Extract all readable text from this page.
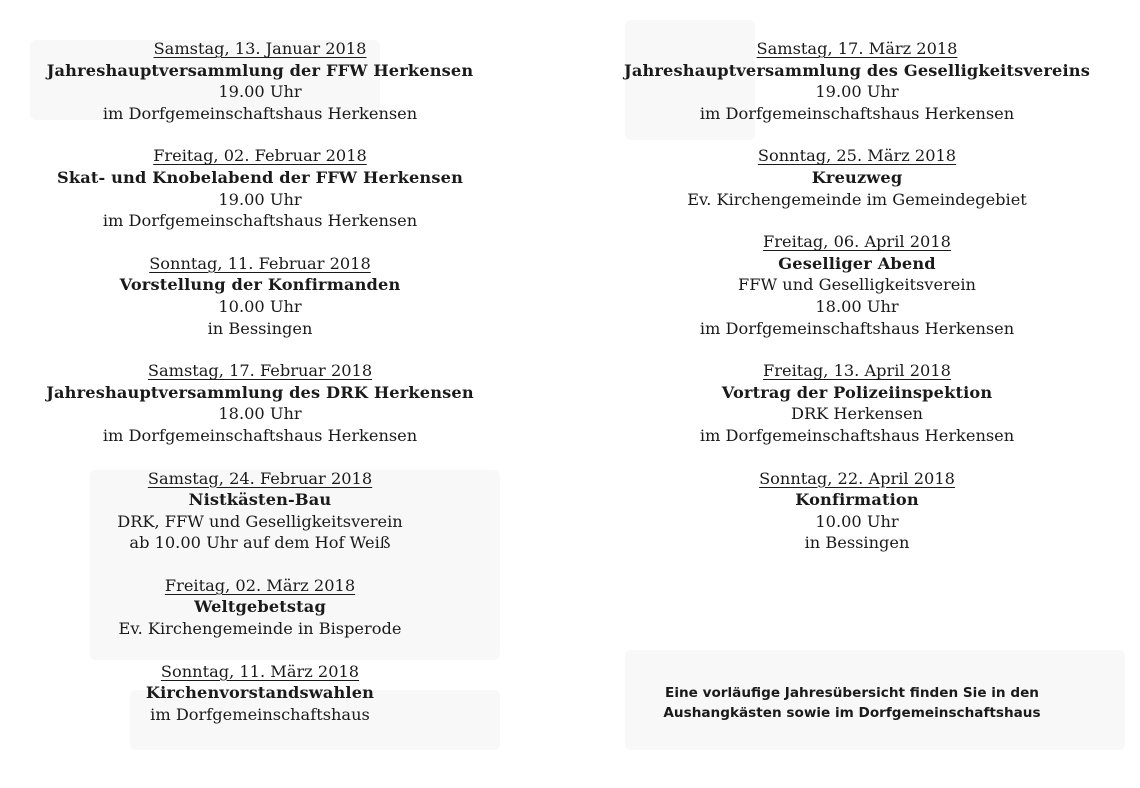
Samstag, 13. Januar 2018
Jahreshauptversammlung der FFW Herkensen
19.00 Uhr
im Dorfgemeinschaftshaus Herkensen
Freitag, 02. Februar 2018
Skat- und Knobelabend der FFW Herkensen
19.00 Uhr
im Dorfgemeinschaftshaus Herkensen
Sonntag, 11. Februar 2018
Vorstellung der Konfirmanden
10.00 Uhr
in Bessingen
Samstag, 17. Februar 2018
Jahreshauptversammlung des DRK Herkensen
18.00 Uhr
im Dorfgemeinschaftshaus Herkensen
Samstag, 24. Februar 2018
Nistkästen-Bau
DRK, FFW und Geselligkeitsverein
ab 10.00 Uhr auf dem Hof Weiß
Freitag, 02. März 2018
Weltgebetstag
Ev. Kirchengemeinde in Bisperode
Sonntag, 11. März 2018
Kirchenvorstandswahlen
im Dorfgemeinschaftshaus
Samstag, 17. März 2018
Jahreshauptversammlung des Geselligkeitsvereins
19.00 Uhr
im Dorfgemeinschaftshaus Herkensen
Sonntag, 25. März 2018
Kreuzweg
Ev. Kirchengemeinde im Gemeindegebiet
Freitag, 06. April 2018
Geselliger Abend
FFW und Geselligkeitsverein
18.00 Uhr
im Dorfgemeinschaftshaus Herkensen
Freitag, 13. April 2018
Vortrag der Polizeiinspektion
DRK Herkensen
im Dorfgemeinschaftshaus Herkensen
Sonntag, 22. April 2018
Konfirmation
10.00 Uhr
in Bessingen
Eine vorläufige Jahresübersicht finden Sie in den
Aushangkästen sowie im Dorfgemeinschaftshaus
